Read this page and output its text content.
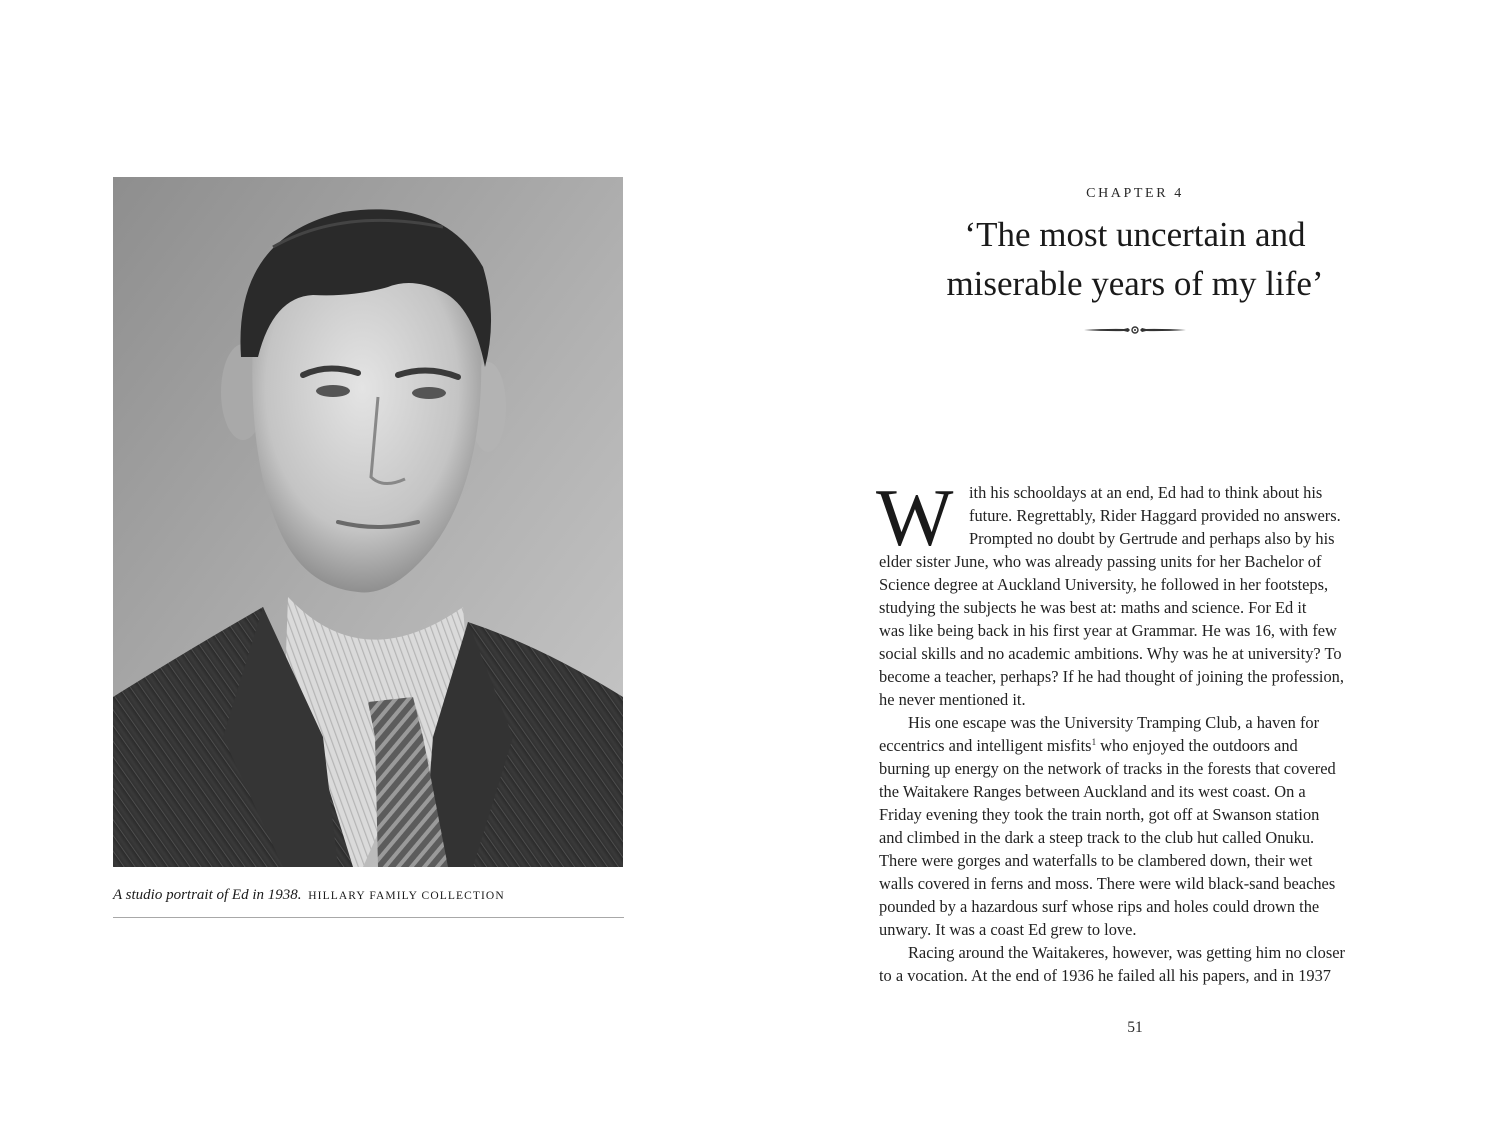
A studio portrait of Ed in 1938. HILLARY FAMILY COLLECTION
CHAPTER 4
‘The most uncertain and
miserable years of my life’
W ith his schooldays at an end, Ed had to think about his
future. Regrettably, Rider Haggard provided no answers.
Prompted no doubt by Gertrude and perhaps also by his
elder sister June, who was already passing units for her Bachelor of
Science degree at Auckland University, he followed in her footsteps,
studying the subjects he was best at: maths and science. For Ed it
was like being back in his first year at Grammar. He was 16, with few
social skills and no academic ambitions. Why was he at university? To
become a teacher, perhaps? If he had thought of joining the profession,
he never mentioned it.
His one escape was the University Tramping Club, a haven for
eccentrics and intelligent misfits$^1$ who enjoyed the outdoors and
burning up energy on the network of tracks in the forests that covered
the Waitakere Ranges between Auckland and its west coast. On a
Friday evening they took the train north, got off at Swanson station
and climbed in the dark a steep track to the club hut called Onuku.
There were gorges and waterfalls to be clambered down, their wet
walls covered in ferns and moss. There were wild black-sand beaches
pounded by a hazardous surf whose rips and holes could drown the
unwary. It was a coast Ed grew to love.
Racing around the Waitakeres, however, was getting him no closer
to a vocation. At the end of 1936 he failed all his papers, and in 1937
51
